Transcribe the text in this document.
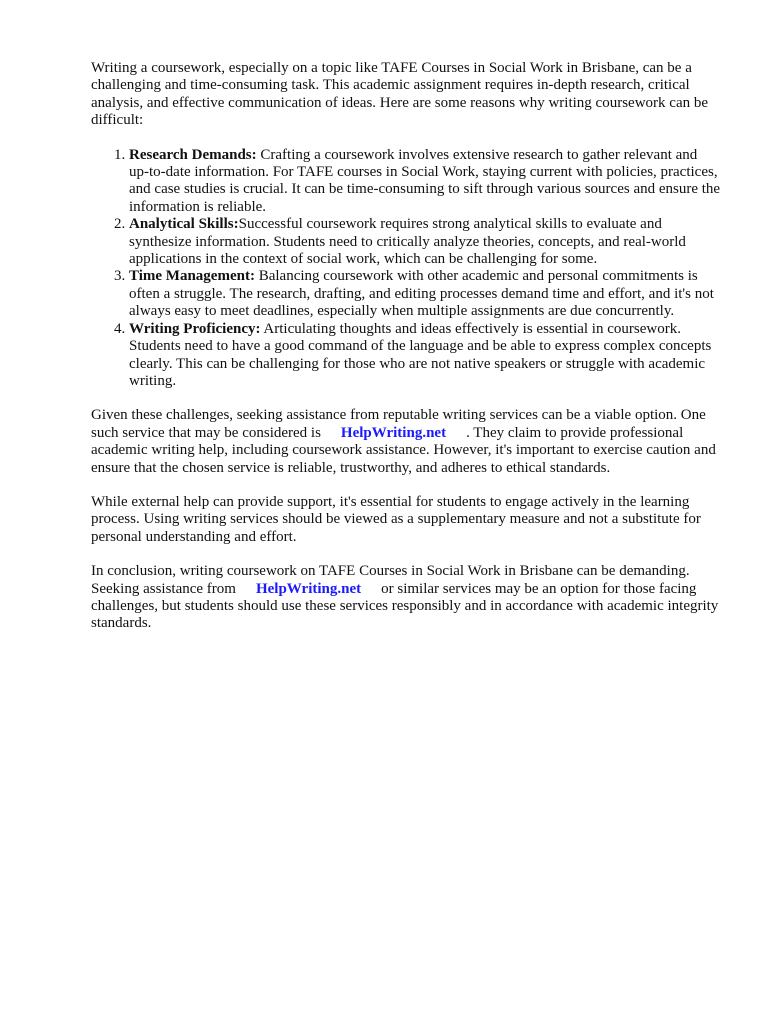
Writing a coursework, especially on a topic like TAFE Courses in Social Work in Brisbane, can be a challenging and time-consuming task. This academic assignment requires in-depth research, critical analysis, and effective communication of ideas. Here are some reasons why writing coursework can be difficult:

1. Research Demands: Crafting a coursework involves extensive research to gather relevant and up-to-date information. For TAFE courses in Social Work, staying current with policies, practices, and case studies is crucial. It can be time-consuming to sift through various sources and ensure the information is reliable.
2. Analytical Skills:Successful coursework requires strong analytical skills to evaluate and synthesize information. Students need to critically analyze theories, concepts, and real-world applications in the context of social work, which can be challenging for some.
3. Time Management: Balancing coursework with other academic and personal commitments is often a struggle. The research, drafting, and editing processes demand time and effort, and it's not always easy to meet deadlines, especially when multiple assignments are due concurrently.
4. Writing Proficiency: Articulating thoughts and ideas effectively is essential in coursework. Students need to have a good command of the language and be able to express complex concepts clearly. This can be challenging for those who are not native speakers or struggle with academic writing.

Given these challenges, seeking assistance from reputable writing services can be a viable option. One such service that may be considered is HelpWriting.net . They claim to provide professional academic writing help, including coursework assistance. However, it's important to exercise caution and ensure that the chosen service is reliable, trustworthy, and adheres to ethical standards.

While external help can provide support, it's essential for students to engage actively in the learning process. Using writing services should be viewed as a supplementary measure and not a substitute for personal understanding and effort.

In conclusion, writing coursework on TAFE Courses in Social Work in Brisbane can be demanding. Seeking assistance from HelpWriting.net or similar services may be an option for those facing challenges, but students should use these services responsibly and in accordance with academic integrity standards.
